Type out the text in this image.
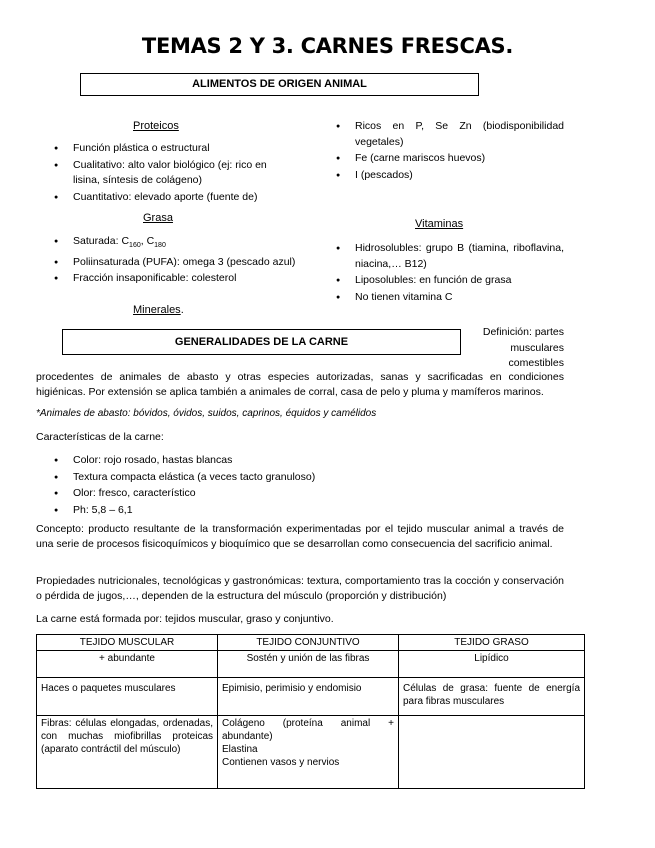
TEMAS 2 Y 3. CARNES FRESCAS.
ALIMENTOS DE ORIGEN ANIMAL
Proteicos
● Función plástica o estructural
● Cualitativo: alto valor biológico (ej: rico en lisina, síntesis de colágeno)
● Cuantitativo: elevado aporte (fuente de)
● Ricos en P, Se Zn (biodisponibilidad vegetales)
● Fe (carne mariscos huevos)
● I (pescados)
Grasa
● Saturada: $C_{160}$, $C_{180}$
● Poliinsaturada (PUFA): omega 3 (pescado azul)
● Fracción insaponificable: colesterol
Vitaminas
● Hidrosolubles: grupo B (tiamina, riboflavina, niacina,… B12)
● Liposolubles: en función de grasa
● No tienen vitamina C
Minerales.
GENERALIDADES DE LA CARNE
Definición: partes
musculares
comestibles
procedentes de animales de abasto y otras especies autorizadas, sanas y sacrificadas en condiciones higiénicas. Por extensión se aplica también a animales de corral, casa de pelo y pluma y mamíferos marinos.
*Animales de abasto: bóvidos, óvidos, suidos, caprinos, équidos y camélidos
Características de la carne:
● Color: rojo rosado, hastas blancas
● Textura compacta elástica (a veces tacto granuloso)
● Olor: fresco, característico
● Ph: 5,8 – 6,1
Concepto: producto resultante de la transformación experimentadas por el tejido muscular animal a través de una serie de procesos fisicoquímicos y bioquímico que se desarrollan como consecuencia del sacrificio animal.
Propiedades nutricionales, tecnológicas y gastronómicas: textura, comportamiento tras la cocción y conservación o pérdida de jugos,…, dependen de la estructura del músculo (proporción y distribución)
La carne está formada por: tejidos muscular, graso y conjuntivo.
TEJIDO MUSCULAR	TEJIDO CONJUNTIVO	TEJIDO GRASO
+ abundante	Sostén y unión de las fibras	Lipídico
Haces o paquetes musculares	Epimisio, perimisio y endomisio	Células de grasa: fuente de energía para fibras musculares
Fibras: células elongadas, ordenadas, con muchas miofibrillas proteicas (aparato contráctil del músculo)	Colágeno (proteína animal + abundante)
Elastina
Contienen vasos y nervios	
